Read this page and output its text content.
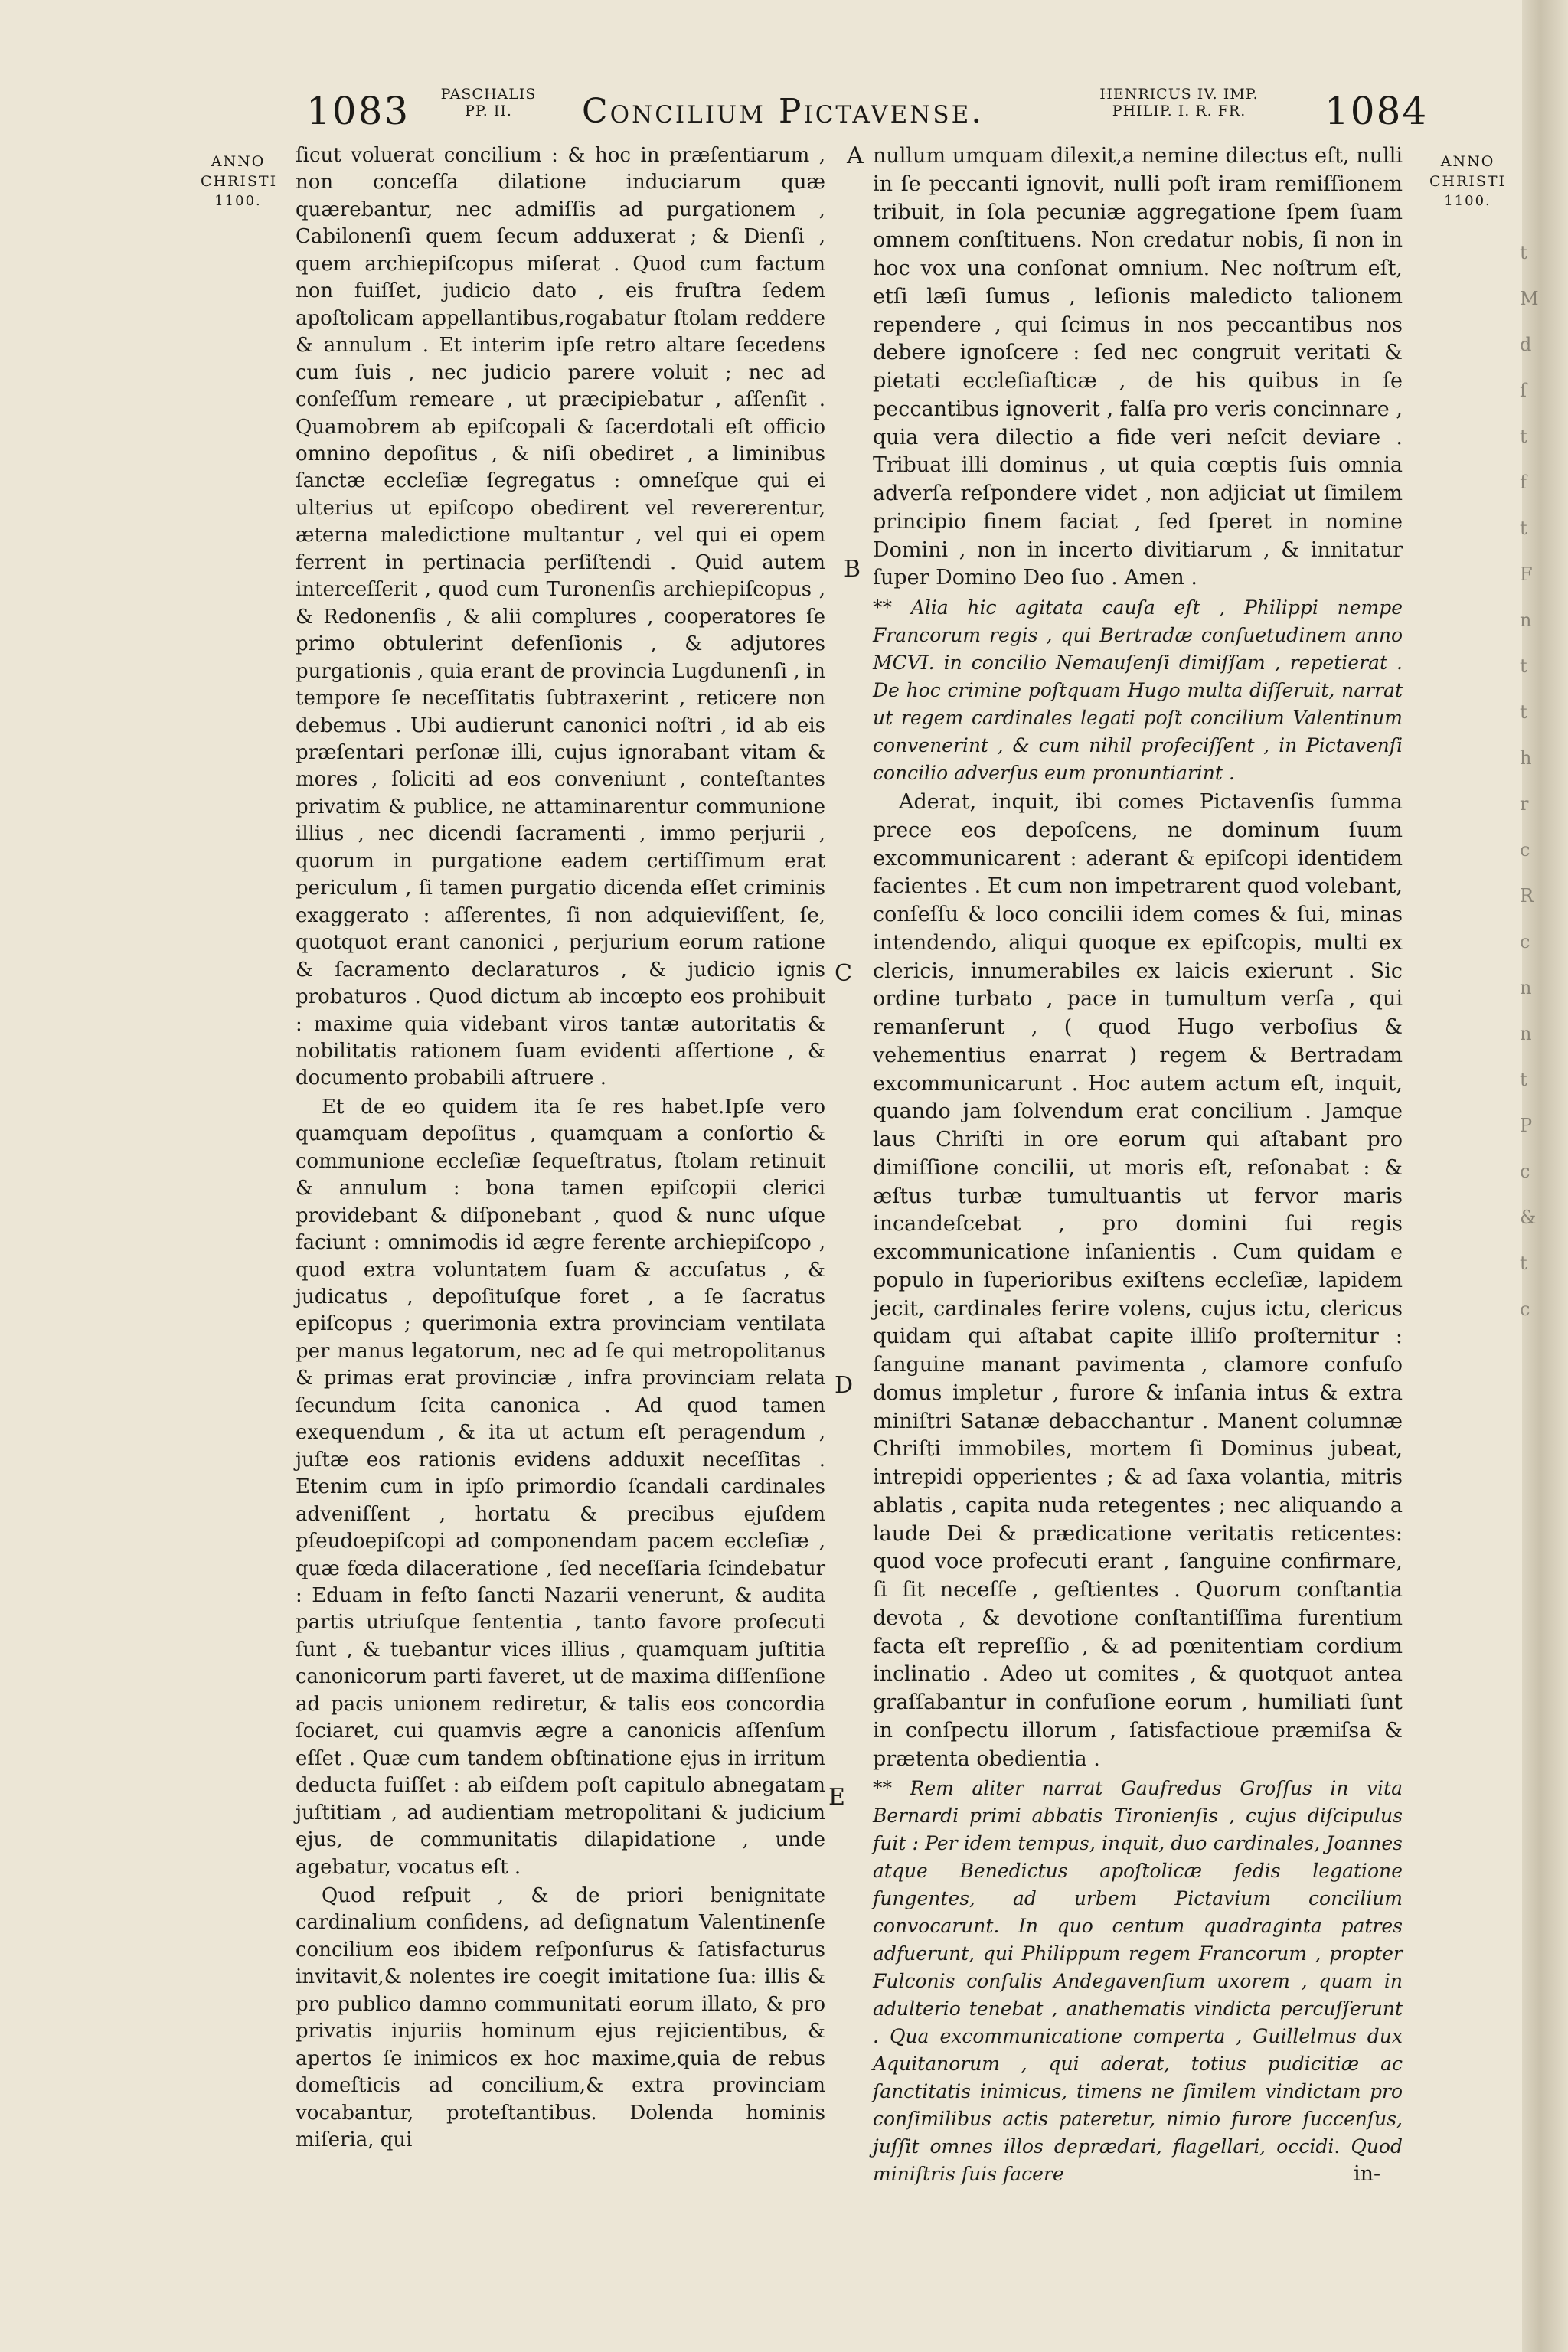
1083	PASCHALIS
PP. II.	Concilium Pictavense.	HENRICUS IV. IMP.
PHILIP. I. R. FR.	1084
ANNO
CHRISTI
1100.
ANNO
CHRISTI
1100.

ſicut voluerat concilium : & hoc in præſentiarum , non conceſſa dilatione induciarum quæ quærebantur, nec admiſſis ad purgationem , Cabilonenſi quem ſecum adduxerat ; & Dienſi , quem archiepiſcopus miſerat . Quod cum factum non fuiſſet, judicio dato , eis fruſtra ſedem apoſtolicam appellantibus,rogabatur ſtolam reddere & annulum . Et interim ipſe retro altare ſecedens cum ſuis , nec judicio parere voluit ; nec ad conſeſſum remeare , ut præcipiebatur , aſſenſit . Quamobrem ab epiſcopali & ſacerdotali eſt officio omnino depoſitus , & niſi obediret , a liminibus ſanctæ eccleſiæ ſegregatus : omneſque qui ei ulterius ut epiſcopo obedirent vel revererentur, æterna maledictione multantur , vel qui ei opem ferrent in pertinacia perſiſtendi . Quid autem interceſſerit , quod cum Turonenſis archiepiſcopus , & Redonenſis , & alii complures , cooperatores ſe primo obtulerint defenſionis , & adjutores purgationis , quia erant de provincia Lugdunenſi , in tempore ſe neceſſitatis ſubtraxerint , reticere non debemus . Ubi audierunt canonici noſtri , id ab eis præſentari perſonæ illi, cujus ignorabant vitam & mores , ſoliciti ad eos conveniunt , conteſtantes privatim & publice, ne attaminarentur communione illius , nec dicendi ſacramenti , immo perjurii , quorum in purgatione eadem certiſſimum erat periculum , ſi tamen purgatio dicenda eſſet criminis exaggerato : aſſerentes, ſi non adquieviſſent, ſe, quotquot erant canonici , perjurium eorum ratione & ſacramento declaraturos , & judicio ignis probaturos . Quod dictum ab incœpto eos prohibuit : maxime quia videbant viros tantæ autoritatis & nobilitatis rationem ſuam evidenti aſſertione , & documento probabili aſtruere .

Et de eo quidem ita ſe res habet.Ipſe vero quamquam depoſitus , quamquam a conſortio & communione eccleſiæ ſequeſtratus, ſtolam retinuit & annulum : bona tamen epiſcopii clerici providebant & diſponebant , quod & nunc uſque faciunt : omnimodis id ægre ferente archiepiſcopo , quod extra voluntatem ſuam & accuſatus , & judicatus , depoſituſque foret , a ſe ſacratus epiſcopus ; querimonia extra provinciam ventilata per manus legatorum, nec ad ſe qui metropolitanus & primas erat provinciæ , infra provinciam relata ſecundum ſcita canonica . Ad quod tamen exequendum , & ita ut actum eſt peragendum , juſtæ eos rationis evidens adduxit neceſſitas . Etenim cum in ipſo primordio ſcandali cardinales adveniſſent , hortatu & precibus ejuſdem pſeudoepiſcopi ad componendam pacem eccleſiæ , quæ fœda dilaceratione , ſed neceſſaria ſcindebatur : Eduam in feſto ſancti Nazarii venerunt, & audita partis utriuſque ſententia , tanto favore proſecuti ſunt , & tuebantur vices illius , quamquam juſtitia canonicorum parti faveret, ut de maxima diſſenſione ad pacis unionem rediretur, & talis eos concordia ſociaret, cui quamvis ægre a canonicis aſſenſum eſſet . Quæ cum tandem obſtinatione ejus in irritum deducta fuiſſet : ab eiſdem poſt capitulo abnegatam juſtitiam , ad audientiam metropolitani & judicium ejus, de communitatis dilapidatione , unde agebatur, vocatus eſt .

Quod reſpuit , & de priori benignitate cardinalium confidens, ad deſignatum Valentinenſe concilium eos ibidem reſponſurus & ſatisfacturus invitavit,& nolentes ire coegit imitatione ſua: illis & pro publico damno communitati eorum illato, & pro privatis injuriis hominum ejus rejicientibus, & apertos ſe inimicos ex hoc maxime,quia de rebus domeſticis ad concilium,& extra provinciam vocabantur, proteſtantibus. Dolenda hominis miſeria, qui

A
B
C
D
E

nullum umquam dilexit,a nemine dilectus eſt, nulli in ſe peccanti ignovit, nulli poſt iram remiſſionem tribuit, in ſola pecuniæ aggregatione ſpem ſuam omnem conſtituens. Non credatur nobis, ſi non in hoc vox una conſonat omnium. Nec noſtrum eſt, etſi læſi ſumus , leſionis maledicto talionem rependere , qui ſcimus in nos peccantibus nos debere ignoſcere : ſed nec congruit veritati & pietati eccleſiaſticæ , de his quibus in ſe peccantibus ignoverit , falſa pro veris concinnare , quia vera dilectio a fide veri neſcit deviare . Tribuat illi dominus , ut quia cœptis ſuis omnia adverſa reſpondere videt , non adjiciat ut ſimilem principio finem faciat , ſed ſperet in nomine Domini , non in incerto divitiarum , & innitatur ſuper Domino Deo ſuo . Amen .

** Alia hic agitata cauſa eſt , Philippi nempe Francorum regis , qui Bertradæ conſuetudinem anno MCVI. in concilio Nemauſenſi dimiſſam , repetierat . De hoc crimine poſtquam Hugo multa diſſeruit, narrat ut regem cardinales legati poſt concilium Valentinum convenerint , & cum nihil profeciſſent , in Pictavenſi concilio adverſus eum pronuntiarint .

Aderat, inquit, ibi comes Pictavenſis ſumma prece eos depoſcens, ne dominum ſuum excommunicarent : aderant & epiſcopi identidem facientes . Et cum non impetrarent quod volebant, conſeſſu & loco concilii idem comes & ſui, minas intendendo, aliqui quoque ex epiſcopis, multi ex clericis, innumerabiles ex laicis exierunt . Sic ordine turbato , pace in tumultum verſa , qui remanſerunt , ( quod Hugo verboſius & vehementius enarrat ) regem & Bertradam excommunicarunt . Hoc autem actum eſt, inquit, quando jam ſolvendum erat concilium . Jamque laus Chriſti in ore eorum qui aſtabant pro dimiſſione concilii, ut moris eſt, reſonabat : & æſtus turbæ tumultuantis ut fervor maris incandeſcebat , pro domini ſui regis excommunicatione inſanientis . Cum quidam e populo in ſuperioribus exiſtens eccleſiæ, lapidem jecit, cardinales ferire volens, cujus ictu, clericus quidam qui aſtabat capite illiſo proſternitur : ſanguine manant pavimenta , clamore confuſo domus impletur , furore & inſania intus & extra miniſtri Satanæ debacchantur . Manent columnæ Chriſti immobiles, mortem ſi Dominus jubeat, intrepidi opperientes ; & ad ſaxa volantia, mitris ablatis , capita nuda retegentes ; nec aliquando a laude Dei & prædicatione veritatis reticentes: quod voce profecuti erant , ſanguine confirmare, ſi ſit neceſſe , geſtientes . Quorum conſtantia devota , & devotione conſtantiſſima furentium facta eſt repreſſio , & ad pœnitentiam cordium inclinatio . Adeo ut comites , & quotquot antea graſſabantur in confuſione eorum , humiliati ſunt in conſpectu illorum , ſatisfactioue præmiſsa & prætenta obedientia .

** Rem aliter narrat Gaufredus Groſſus in vita Bernardi primi abbatis Tironienſis , cujus diſcipulus fuit : Per idem tempus, inquit, duo cardinales, Joannes atque Benedictus apoſtolicæ ſedis legatione fungentes, ad urbem Pictavium concilium convocarunt. In quo centum quadraginta patres adfuerunt, qui Philippum regem Francorum , propter Fulconis conſulis Andegavenſium uxorem , quam in adulterio tenebat , anathematis vindicta percuſſerunt . Qua excommunicatione comperta , Guillelmus dux Aquitanorum , qui aderat, totius pudicitiæ ac ſanctitatis inimicus, timens ne ſimilem vindictam pro conſimilibus actis pateretur, nimio furore ſuccenſus, juſſit omnes illos deprædari, flagellari, occidi. Quod miniſtris ſuis facere	in-
t
M
d
ſ
t
f
t
F
n
t
t
h
r
c
R
c
n
n
t
P
c
&
t
c
